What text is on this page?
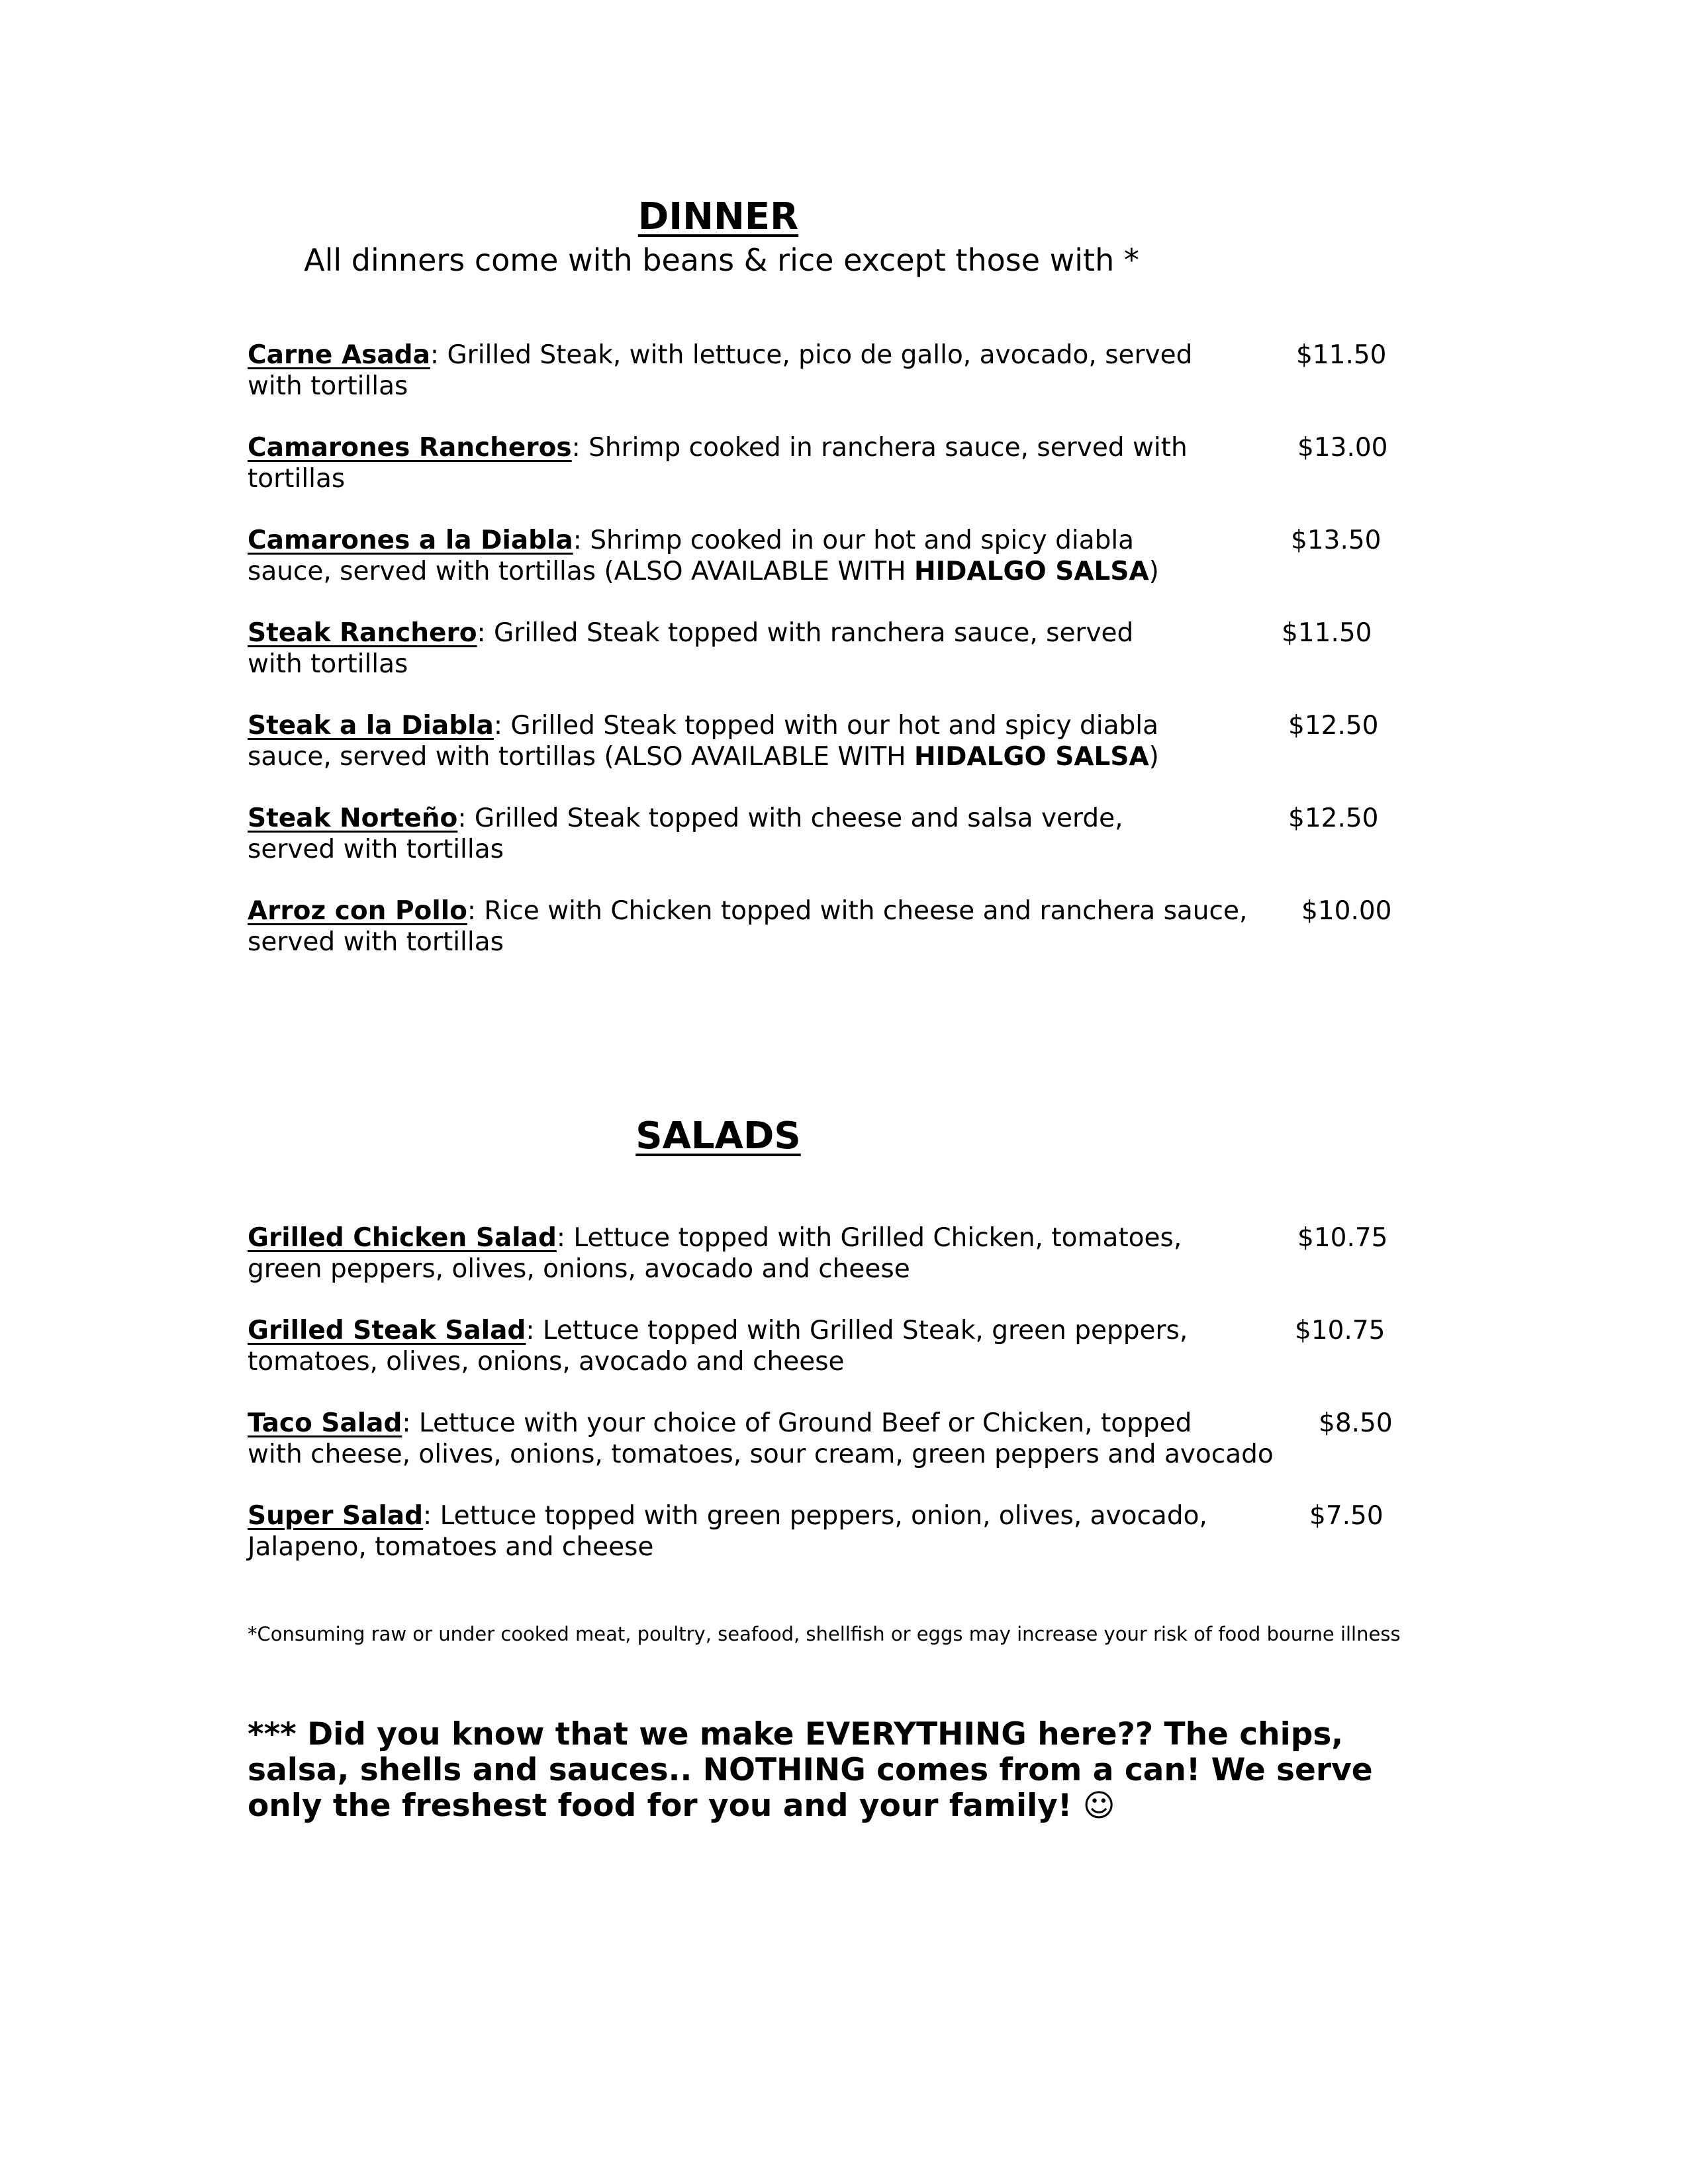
DINNER

All dinners come with beans & rice except those with *

Carne Asada: Grilled Steak, with lettuce, pico de gallo, avocado, served
with tortillas
$11.50
Camarones Rancheros: Shrimp cooked in ranchera sauce, served with
tortillas
$13.00
Camarones a la Diabla: Shrimp cooked in our hot and spicy diabla
sauce, served with tortillas (ALSO AVAILABLE WITH HIDALGO SALSA)
$13.50
Steak Ranchero: Grilled Steak topped with ranchera sauce, served
with tortillas
$11.50
Steak a la Diabla: Grilled Steak topped with our hot and spicy diabla
sauce, served with tortillas (ALSO AVAILABLE WITH HIDALGO SALSA)
$12.50
Steak Norteño: Grilled Steak topped with cheese and salsa verde,
served with tortillas
$12.50
Arroz con Pollo: Rice with Chicken topped with cheese and ranchera sauce,
served with tortillas
$10.00
SALADS
Grilled Chicken Salad: Lettuce topped with Grilled Chicken, tomatoes,
green peppers, olives, onions, avocado and cheese
$10.75
Grilled Steak Salad: Lettuce topped with Grilled Steak, green peppers,
tomatoes, olives, onions, avocado and cheese
$10.75
Taco Salad: Lettuce with your choice of Ground Beef or Chicken, topped
with cheese, olives, onions, tomatoes, sour cream, green peppers and avocado
$8.50
Super Salad: Lettuce topped with green peppers, onion, olives, avocado,
Jalapeno, tomatoes and cheese
$7.50

*Consuming raw or under cooked meat, poultry, seafood, shellfish or eggs may increase your risk of food bourne illness

*** Did you know that we make EVERYTHING here?? The chips, salsa, shells and sauces.. NOTHING comes from a can! We serve only the freshest food for you and your family! ☺
